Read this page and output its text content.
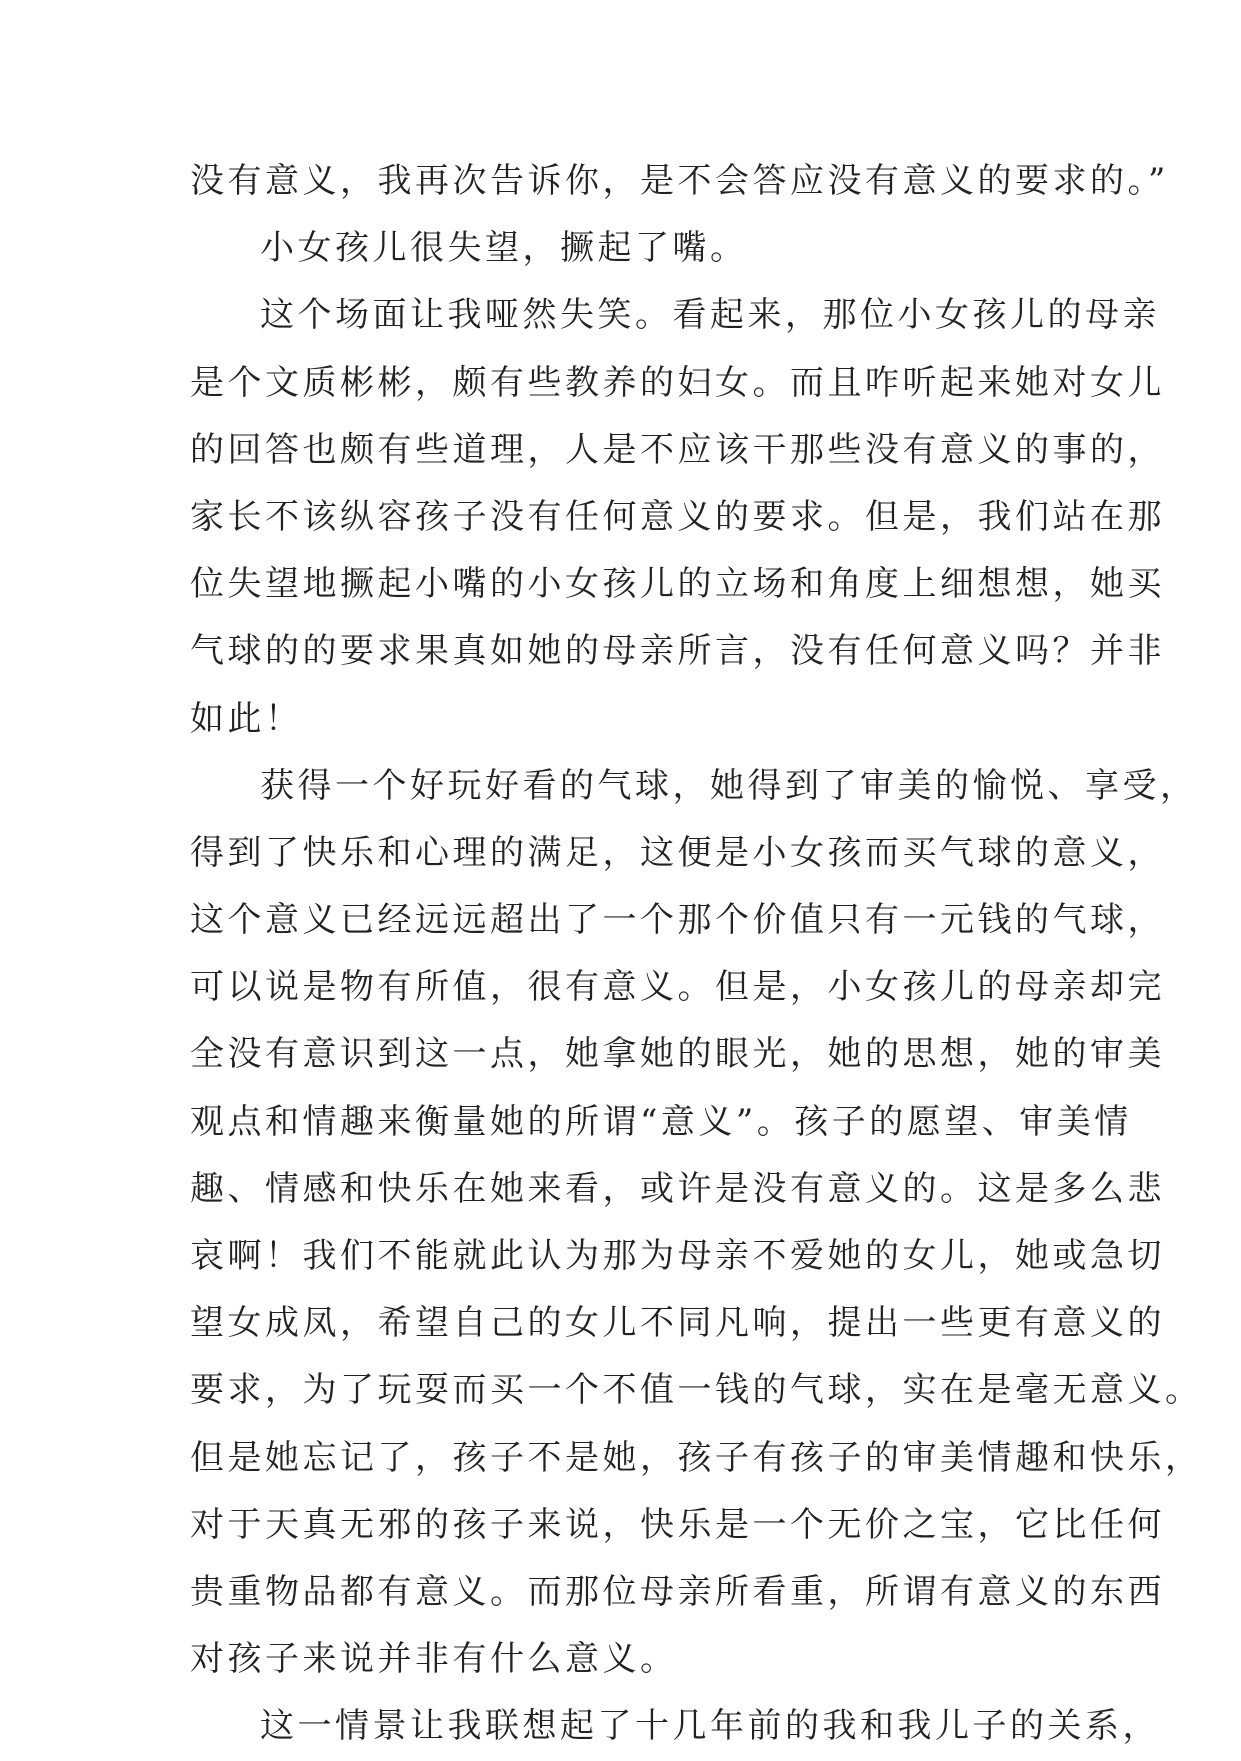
没有意义，我再次告诉你，是不会答应没有意义的要求的。”
小女孩儿很失望，撅起了嘴。
这个场面让我哑然失笑。看起来，那位小女孩儿的母亲
是个文质彬彬，颇有些教养的妇女。而且咋听起来她对女儿
的回答也颇有些道理，人是不应该干那些没有意义的事的，
家长不该纵容孩子没有任何意义的要求。但是，我们站在那
位失望地撅起小嘴的小女孩儿的立场和角度上细想想，她买
气球的的要求果真如她的母亲所言，没有任何意义吗？并非
如此！
获得一个好玩好看的气球，她得到了审美的愉悦、享受，
得到了快乐和心理的满足，这便是小女孩而买气球的意义，
这个意义已经远远超出了一个那个价值只有一元钱的气球，
可以说是物有所值，很有意义。但是，小女孩儿的母亲却完
全没有意识到这一点，她拿她的眼光，她的思想，她的审美
观点和情趣来衡量她的所谓“意义”。孩子的愿望、审美情
趣、情感和快乐在她来看，或许是没有意义的。这是多么悲
哀啊！我们不能就此认为那为母亲不爱她的女儿，她或急切
望女成凤，希望自己的女儿不同凡响，提出一些更有意义的
要求，为了玩耍而买一个不值一钱的气球，实在是毫无意义。
但是她忘记了，孩子不是她，孩子有孩子的审美情趣和快乐，
对于天真无邪的孩子来说，快乐是一个无价之宝，它比任何
贵重物品都有意义。而那位母亲所看重，所谓有意义的东西
对孩子来说并非有什么意义。
这一情景让我联想起了十几年前的我和我儿子的关系，
